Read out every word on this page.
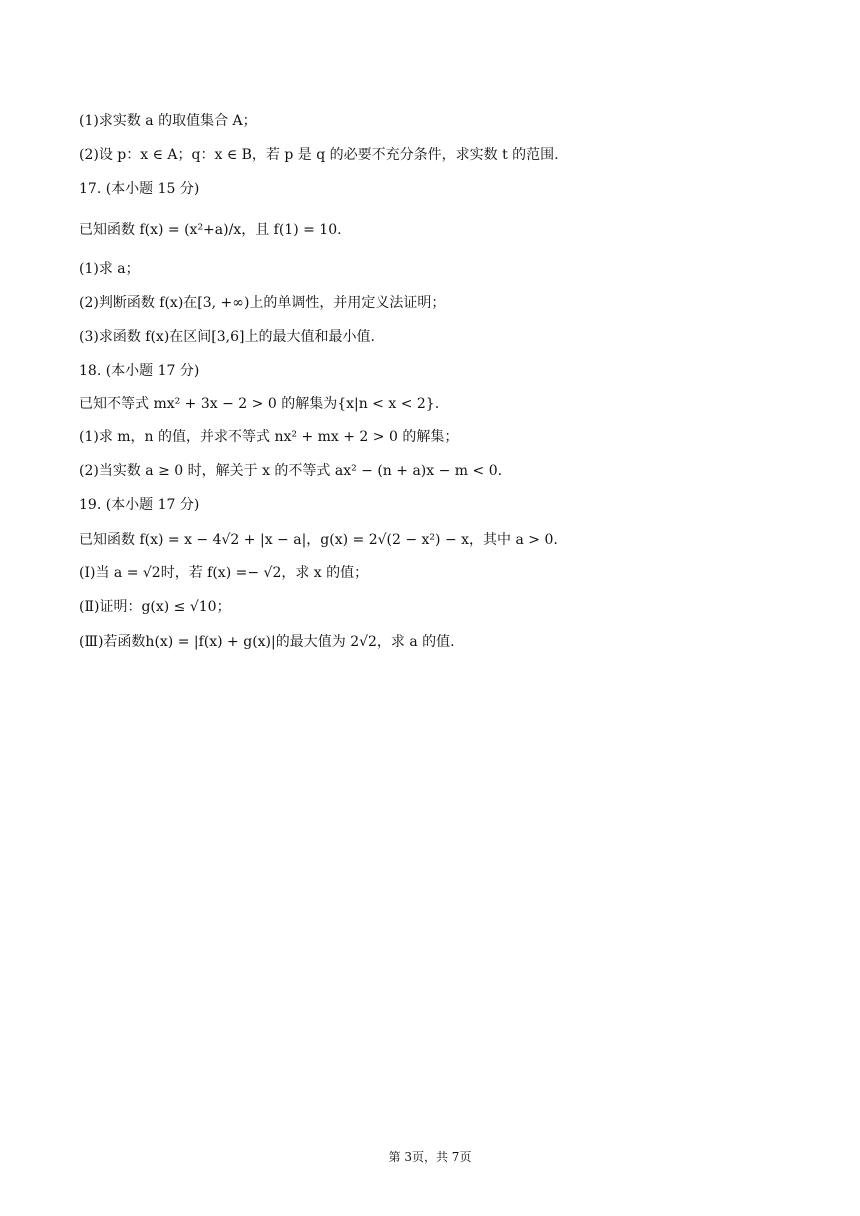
(1)求实数 a 的取值集合 A；
(2)设 p：x ∈ A；q：x ∈ B，若 p 是 q 的必要不充分条件，求实数 t 的范围.
17. (本小题 15 分)
已知函数 f(x) = (x²+a)/x，且 f(1) = 10.
(1)求 a；
(2)判断函数 f(x)在[3, +∞)上的单调性，并用定义法证明；
(3)求函数 f(x)在区间[3,6]上的最大值和最小值.
18. (本小题 17 分)
已知不等式 mx² + 3x − 2 > 0 的解集为{x|n < x < 2}.
(1)求 m，n 的值，并求不等式 nx² + mx + 2 > 0 的解集；
(2)当实数 a ≥ 0 时，解关于 x 的不等式 ax² − (n + a)x − m < 0.
19. (本小题 17 分)
已知函数 f(x) = x − 4√2 + |x − a|，g(x) = 2√(2 − x²) − x，其中 a > 0.
(Ⅰ)当 a = √2时，若 f(x) =− √2，求 x 的值；
(Ⅱ)证明：g(x) ≤ √10；
(Ⅲ)若函数h(x) = |f(x) + g(x)|的最大值为 2√2，求 a 的值.
第 3页，共 7页
